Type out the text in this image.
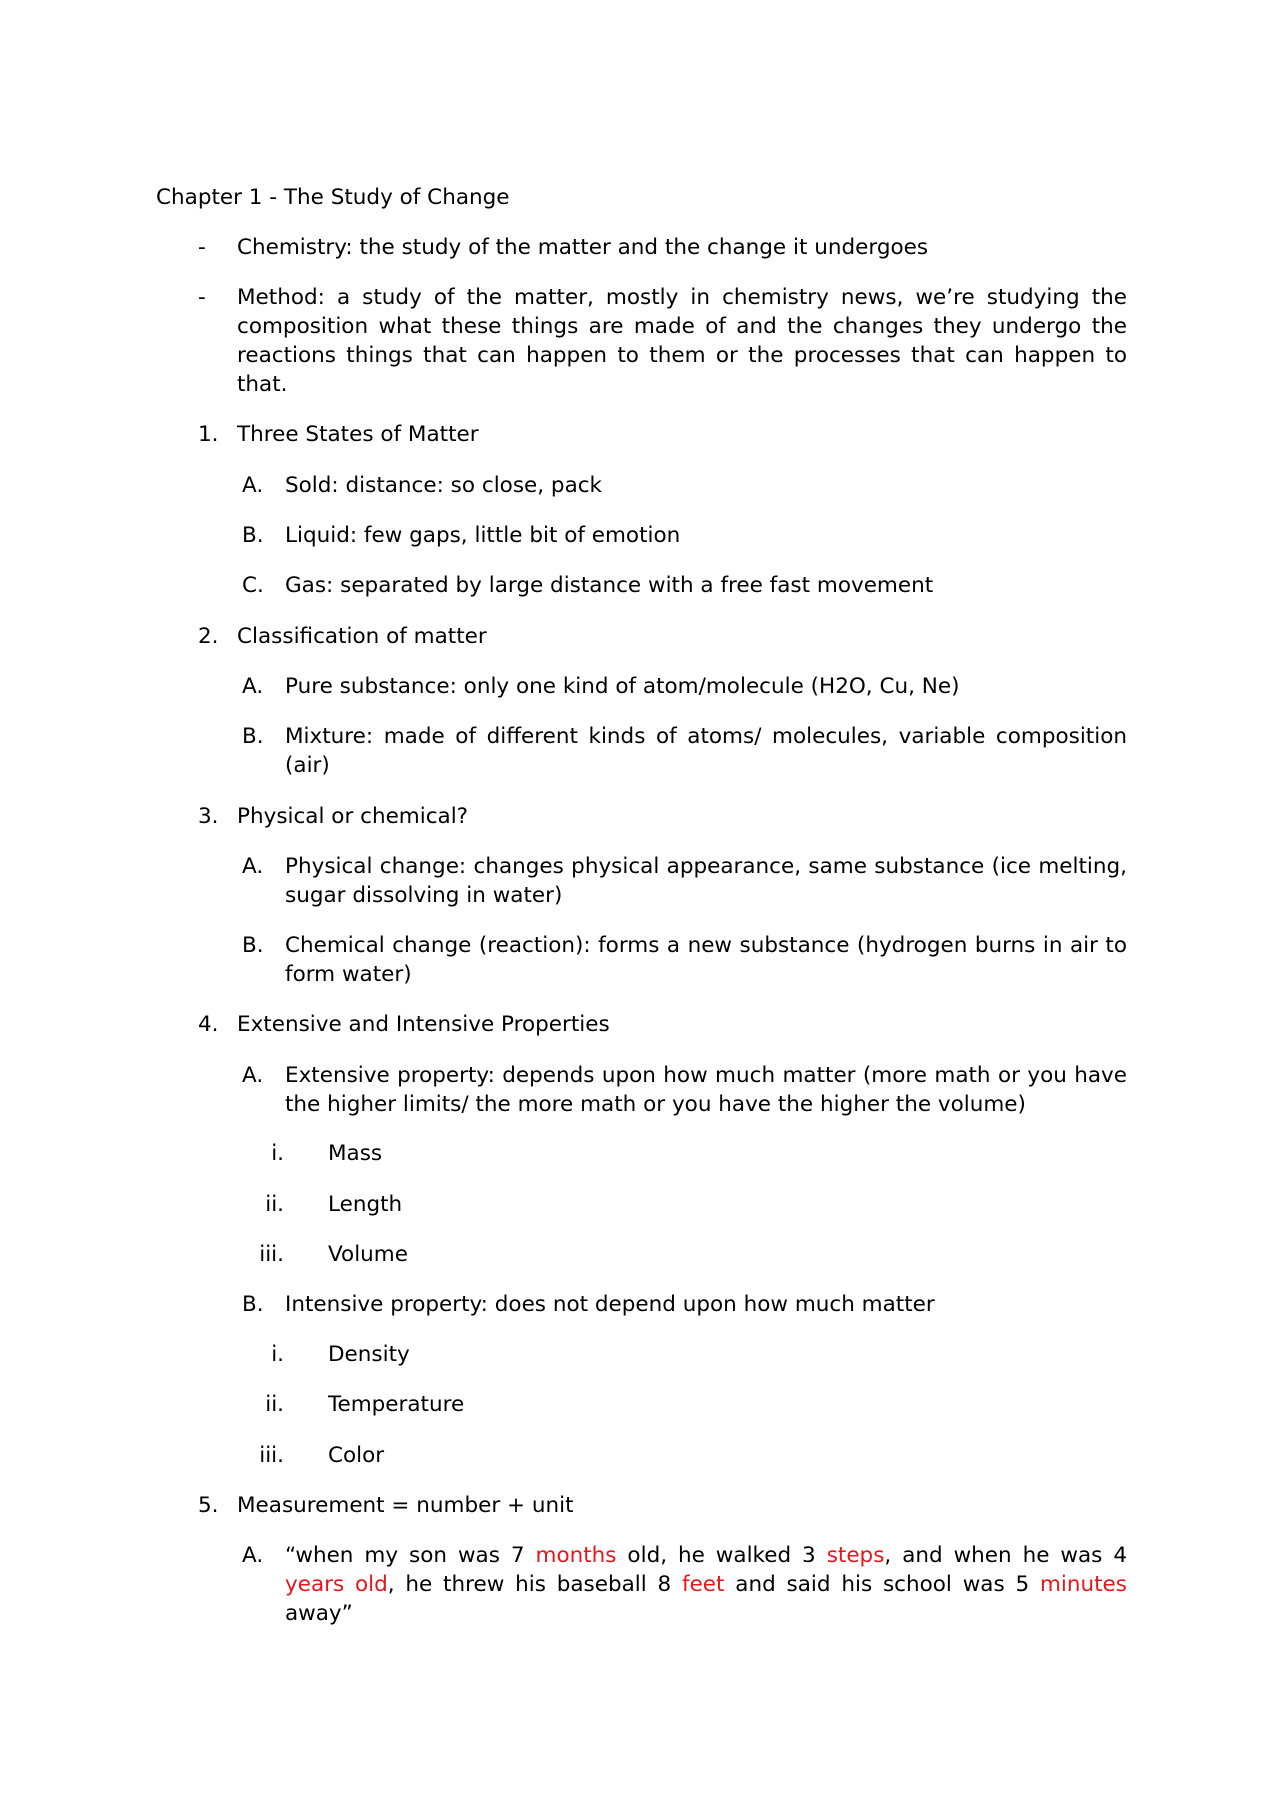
Chapter 1 - The Study of Change
- Chemistry: the study of the matter and the change it undergoes
- Method: a study of the matter, mostly in chemistry news, we’re studying the composition what these things are made of and the changes they undergo the reactions things that can happen to them or the processes that can happen to that.
1. Three States of Matter
A. Sold: distance: so close, pack
B. Liquid: few gaps, little bit of emotion
C. Gas: separated by large distance with a free fast movement
2. Classification of matter
A. Pure substance: only one kind of atom/molecule (H2O, Cu, Ne)
B. Mixture: made of different kinds of atoms/ molecules, variable composition (air)
3. Physical or chemical?
A. Physical change: changes physical appearance, same substance (ice melting, sugar dissolving in water)
B. Chemical change (reaction): forms a new substance (hydrogen burns in air to form water)
4. Extensive and Intensive Properties
A. Extensive property: depends upon how much matter (more math or you have the higher limits/ the more math or you have the higher the volume)
i. Mass
ii. Length
iii. Volume
B. Intensive property: does not depend upon how much matter
i. Density
ii. Temperature
iii. Color
5. Measurement = number + unit
A. “when my son was 7 months old, he walked 3 steps, and when he was 4 years old, he threw his baseball 8 feet and said his school was 5 minutes away”
